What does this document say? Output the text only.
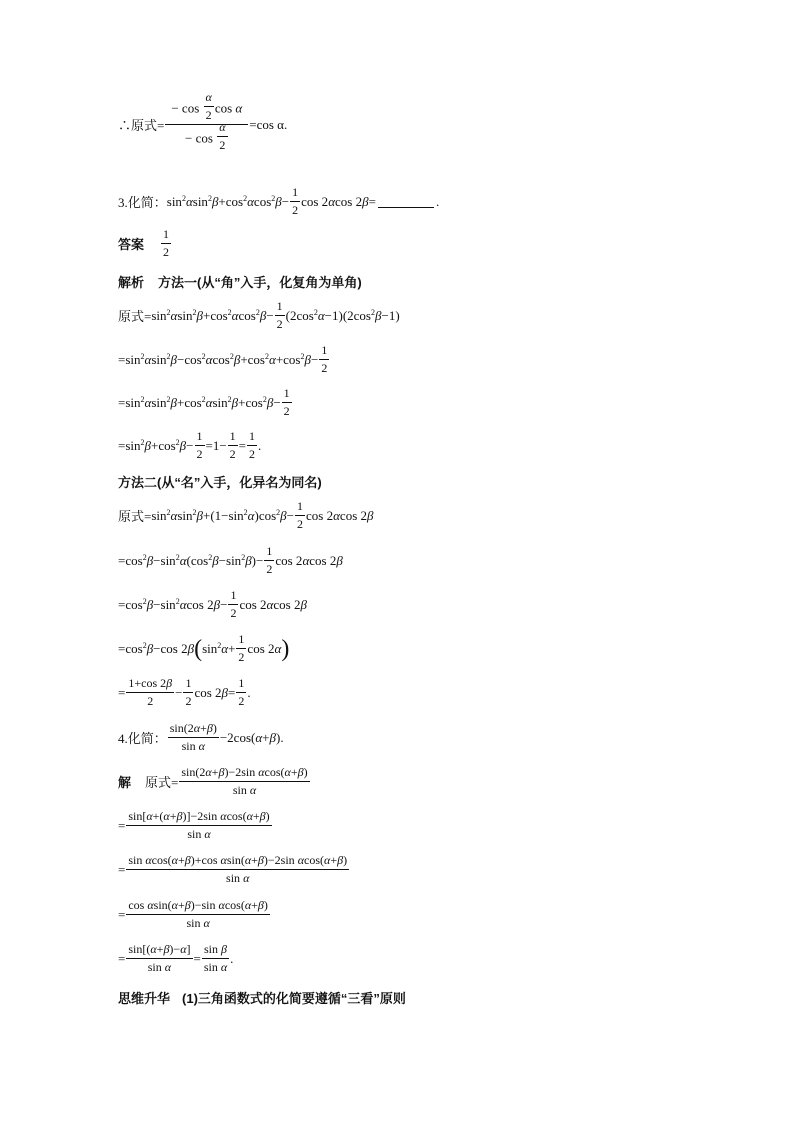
∴原式= $\frac{- \cos \frac{\alpha}{2} \cos \alpha}{- \cos \frac{\alpha}{2}} =\cos$ α.
3.化简： $\sin^2\alpha\sin^2\beta+\cos^2\alpha\cos^2\beta- \frac{1}{2}$ cos 2αcos 2β=	.
答案 $\frac{1}{2}$
解析 方法一(从“角”入手，化复角为单角)
原式= $\sin^2\alpha\sin^2\beta+\cos^2\alpha\cos^2\beta- \frac{1}{2} (2\cos^2\alpha-1)(2\cos^2\beta-1)$
= $\sin^2\alpha\sin^2\beta-\cos^2\alpha\cos^2\beta+\cos^2\alpha+\cos^2\beta- \frac{1}{2}$
= $\sin^2\alpha\sin^2\beta+\cos^2\alpha\sin^2\beta+\cos^2\beta- \frac{1}{2}$
= $\sin^2\beta+\cos^2\beta- \frac{1}{2} =1- \frac{1}{2} = \frac{1}{2}$ .
方法二(从“名”入手，化异名为同名)
原式= $\sin^2\alpha\sin^2\beta+(1-\sin^2\alpha)\cos^2\beta- \frac{1}{2}$ cos 2αcos 2β
= $\cos^2\beta-\sin^2\alpha(\cos^2\beta-\sin^2\beta)- \frac{1}{2}$ cos 2αcos 2β
= $\cos^2\beta-\sin^2\alpha\cos$ $2\beta- \frac{1}{2}$ cos 2αcos 2β
= $\cos^2\beta-\cos$ 2β ( $\sin^2\alpha+ \frac{1}{2}$ cos 2α )
= $\frac{1+\cos 2\beta}{2} - \frac{1}{2}$ $\cos 2\beta= \frac{1}{2}$ .
4.化简： $\frac{\sin(2\alpha+\beta)}{\text{sin α}} -2\cos(\alpha+\beta)$.
解 原式= $\frac{\text{sin(2α+β)−2sin αcos(α+β)}}{\text{sin α}}$
= $\frac{\text{sin[α+(α+β)]−2sin αcos(α+β)}}{\text{sin α}}$
= $\frac{\text{sin αcos(α+β)+cos αsin(α+β)−2sin αcos(α+β)}}{\text{sin α}}$
= $\frac{\text{cos αsin(α+β)−sin αcos(α+β)}}{\text{sin α}}$
= $\frac{\sin[(\alpha+\beta)-\alpha]}{\text{sin α}} = \frac{\text{sin β}}{\text{sin α}}$ .
思维升华 (1)三角函数式的化简要遵循“三看”原则
